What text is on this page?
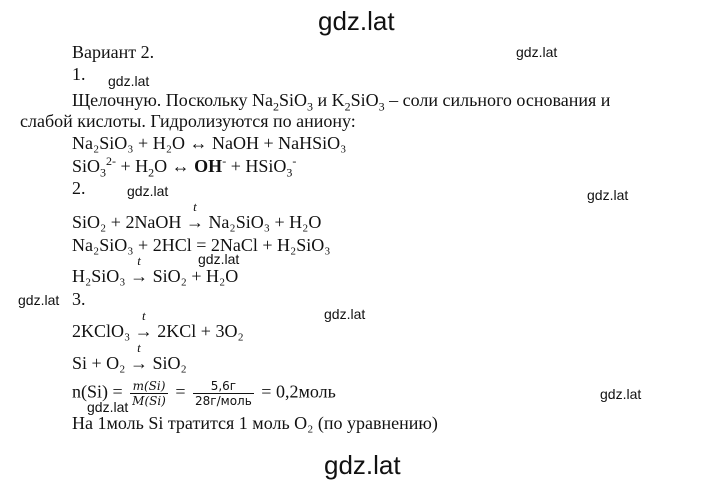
gdz.lat
gdz.lat
gdz.lat
gdz.lat	gdz.lat
gdz.lat
gdz.lat
gdz.lat
gdz.lat
gdz.lat
gdz.lat
Вариант 2.
1.
Щелочную. Поскольку $Na_2SiO_3$ и $K_2SiO_3$ – соли сильного основания и
слабой кислоты. Гидролизуются по аниону:
Na₂SiO₃ + H₂O ↔ NaOH + NaHSiO₃
$SiO_3^{2-} + H_2O$ ↔ OH- + HSiO$_3$-
2.
SiO₂ + 2NaOH
t
→ Na₂SiO₃ + H₂O
Na₂SiO₃ + 2HCl = 2NaCl + H₂SiO₃
H₂SiO₃
t
→ SiO₂ + H₂O
3.
2KClO₃
t
→ 2KCl + 3O₂
Si + O₂
t
→ SiO₂
$n(Si) = \frac{m(Si)}{M(Si)} = \frac{5,6г}{\text{28г/моль}}$ = 0,2моль
На 1моль Si тратится 1 моль O₂ (по уравнению)
